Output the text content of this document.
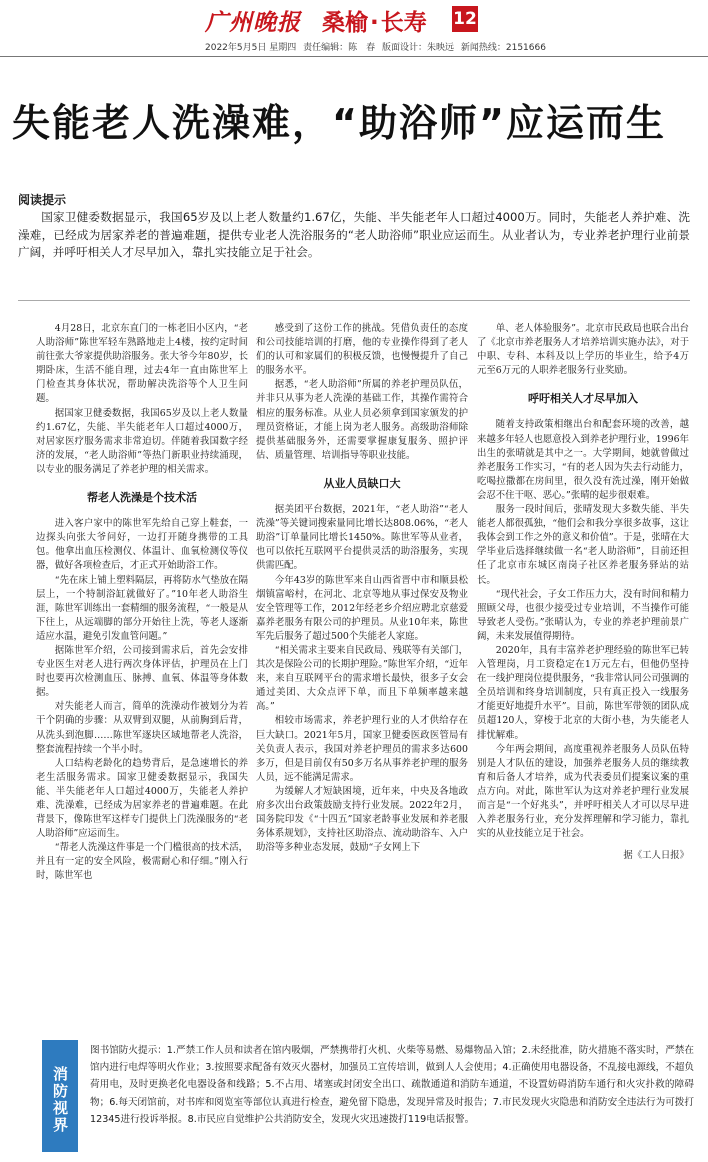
广州晚报 桑榆·长寿 12
2022年5月5日 星期四 责任编辑：陈　春 版面设计：朱映远 新闻热线：2151666
失能老人洗澡难，“助浴师”应运而生
阅读提示
国家卫健委数据显示，我国65岁及以上老人数量约1.67亿，失能、半失能老年人口超过4000万。同时，失能老人养护难、洗澡难，已经成为居家养老的普遍难题，提供专业老人洗浴服务的“老人助浴师”职业应运而生。从业者认为，专业养老护理行业前景广阔，并呼吁相关人才尽早加入，靠扎实技能立足于社会。

4月28日，北京东直门的一栋老旧小区内，“老人助浴师”陈世军轻车熟路地走上4楼，按约定时间前往张大爷家提供助浴服务。张大爷今年80岁，长期卧床，生活不能自理，过去4年一直由陈世军上门检查其身体状况，帮助解决洗浴等个人卫生问题。

据国家卫健委数据，我国65岁及以上老人数量约1.67亿，失能、半失能老年人口超过4000万，对居家医疗服务需求非常迫切。伴随着我国数字经济的发展，“老人助浴师”等热门新职业持续涌现，以专业的服务满足了养老护理的相关需求。

帮老人洗澡是个技术活

进入客户家中的陈世军先给自己穿上鞋套，一边探头向张大爷问好，一边打开随身携带的工具包。他拿出血压检测仪、体温计、血氧检测仪等仪器，做好各项检查后，才正式开始助浴工作。

“先在床上铺上塑料隔层，再将防水气垫放在隔层上，一个特制浴缸就做好了。”10年老人助浴生涯，陈世军训练出一套精细的服务流程，“一般是从下往上，从远端脚的部分开始往上洗，等老人逐渐适应水温，避免引发血管问题。”

据陈世军介绍，公司接到需求后，首先会安排专业医生对老人进行两次身体评估，护理员在上门时也要再次检测血压、脉搏、血氧、体温等身体数据。

对失能老人而言，简单的洗澡动作被划分为若干个阴确的步骤：从双臂到双腿，从前胸到后背，从洗头到泡脚……陈世军逐块区域地帮老人洗浴，整套流程持续一个半小时。

人口结构老龄化的趋势背后，是急速增长的养老生活服务需求。国家卫健委数据显示，我国失能、半失能老年人口超过4000万，失能老人养护难、洗澡难，已经成为居家养老的普遍难题。在此背景下，像陈世军这样专门提供上门洗澡服务的“老人助浴师”应运而生。

“帮老人洗澡这件事是一个门槛很高的技术活，并且有一定的安全风险，极需耐心和仔细。”刚入行时，陈世军也

感受到了这份工作的挑战。凭借负责任的态度和公司技能培训的打磨，他的专业操作得到了老人们的认可和家属们的积极反馈，也慢慢提升了自己的服务水平。

据悉，“老人助浴师”所属的养老护理员队伍，并非只从事为老人洗澡的基础工作，其操作需符合相应的服务标准。从业人员必须拿到国家颁发的护理员资格证，才能上岗为老人服务。高级助浴师除提供基础服务外，还需要掌握康复服务、照护评估、质量管理、培训指导等职业技能。

从业人员缺口大

据美团平台数据，2021年，“老人助浴”“老人洗澡”等关键词搜索量同比增长达808.06%，“老人助浴”订单量同比增长1450%。陈世军等从业者，也可以依托互联网平台提供灵活的助浴服务，实现供需匹配。

今年43岁的陈世军来自山西省晋中市和顺县松烟镇富峪村，在河北、北京等地从事过保安及物业安全管理等工作，2012年经老乡介绍应聘北京慈爱嘉养老服务有限公司的护理员。从业10年来，陈世军先后服务了超过500个失能老人家庭。

“相关需求主要来自民政局、残联等有关部门，其次是保险公司的长期护理险。”陈世军介绍，“近年来，来自互联网平台的需求增长最快，很多子女会通过美团、大众点评下单，而且下单频率越来越高。”

相较市场需求，养老护理行业的人才供给存在巨大缺口。2021年5月，国家卫健委医政医管局有关负责人表示，我国对养老护理员的需求多达600多万，但是目前仅有50多万名从事养老护理的服务人员，远不能满足需求。

为缓解人才短缺困境，近年来，中央及各地政府多次出台政策鼓励支持行业发展。2022年2月，国务院印发《“十四五”国家老龄事业发展和养老服务体系规划》，支持社区助浴点、流动助浴车、入户助浴等多种业态发展，鼓励“子女网上下

单、老人体验服务”。北京市民政局也联合出台了《北京市养老服务人才培养培训实施办法》，对于中职、专科、本科及以上学历的毕业生，给予4万元至6万元的人职养老服务行业奖励。

呼吁相关人才尽早加入

随着支持政策相继出台和配套环境的改善，越来越多年轻人也愿意投入到养老护理行业，1996年出生的张晴就是其中之一。大学期间，她就曾做过养老服务工作实习，“有的老人因为失去行动能力，吃喝拉撒都在房间里，很久没有洗过澡，刚开始做会忍不住干呕、恶心。”张晴的起步很艰难。

服务一段时间后，张晴发现大多数失能、半失能老人都很孤独，“他们会和我分享很多故事，这让我体会到工作之外的意义和价值”。于是，张晴在大学毕业后选择继续做一名“老人助浴师”，目前还担任了北京市东城区南岗子社区养老服务驿站的站长。

“现代社会，子女工作压力大，没有时间和精力照顾父母，也很少接受过专业培训，不当操作可能导致老人受伤。”张晴认为，专业的养老护理前景广阔，未来发展值得期待。

2020年，具有丰富养老护理经验的陈世军已转入管理岗，月工资稳定在1万元左右，但他仍坚持在一线护理岗位提供服务，“我非常认同公司强调的全员培训和终身培训制度，只有真正投入一线服务才能更好地提升水平”。目前，陈世军带领的团队成员超120人，穿梭于北京的大街小巷，为失能老人排忧解难。

今年两会期间，高度重视养老服务人员队伍特别是人才队伍的建设，加强养老服务人员的继续教育和后备人才培养，成为代表委员们提案议案的重点方向。对此，陈世军认为这对养老护理行业发展而言是“一个好兆头”，并呼吁相关人才可以尽早进入养老服务行业，充分发挥理解和学习能力，靠扎实的从业技能立足于社会。

据《工人日报》

消防视界
图书馆防火提示：1.严禁工作人员和读者在馆内吸烟，严禁携带打火机、火柴等易燃、易爆物品入馆；2.未经批准，防火措施不落实时，严禁在馆内进行电焊等明火作业；3.按照要求配备有效灭火器材，加强员工宣传培训，做到人人会使用；4.正确使用电器设备，不乱接电源线，不超负荷用电，及时更换老化电器设备和线路；5.不占用、堵塞或封闭安全出口、疏散通道和消防车通道，不设置妨碍消防车通行和火灾扑救的障碍物；6.每天闭馆前，对书库和阅览室等部位认真进行检查，避免留下隐患，发现异常及时报告；7.市民发现火灾隐患和消防安全违法行为可拨打12345进行投诉举报。8.市民应自觉维护公共消防安全，发现火灾迅速拨打119电话报警。
